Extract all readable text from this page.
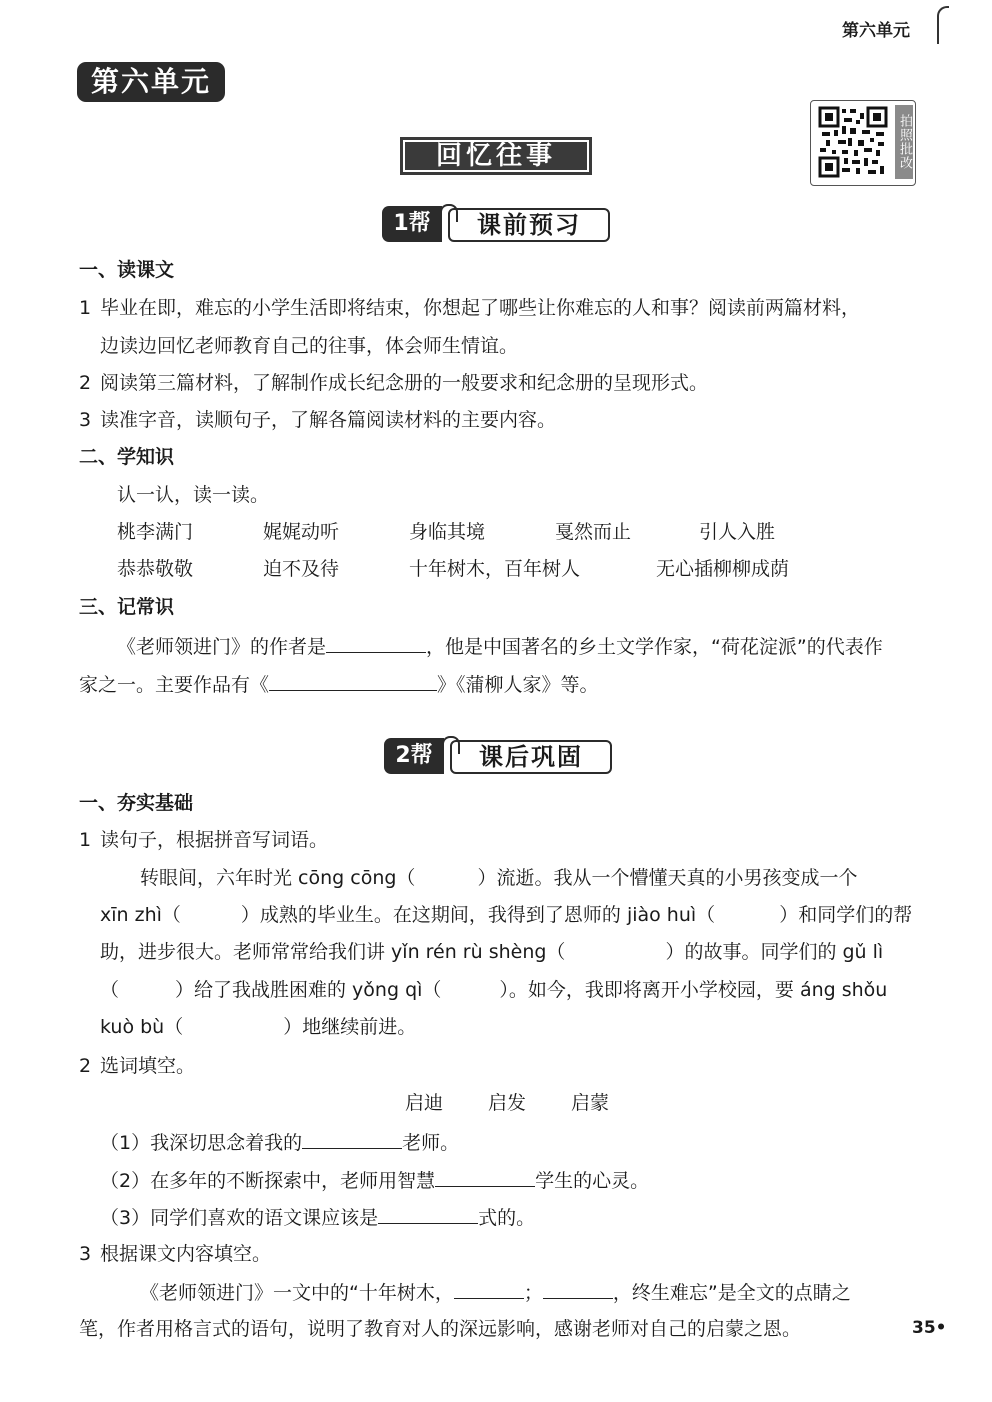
第六单元
第六单元
回忆往事	拍照批改
1帮	课前预习
一、读课文
1 毕业在即，难忘的小学生活即将结束，你想起了哪些让你难忘的人和事？阅读前两篇材料，
边读边回忆老师教育自己的往事，体会师生情谊。
2 阅读第三篇材料，了解制作成长纪念册的一般要求和纪念册的呈现形式。
3 读准字音，读顺句子，了解各篇阅读材料的主要内容。
二、学知识
认一认，读一读。
桃李满门	娓娓动听	身临其境	戛然而止	引人入胜
恭恭敬敬	迫不及待	十年树木，百年树人	无心插柳柳成荫
三、记常识
《老师领进门》的作者是	，他是中国著名的乡土文学作家，“荷花淀派”的代表作
家之一。主要作品有《	》《蒲柳人家》等。
2帮	课后巩固
一、夯实基础
1 读句子，根据拼音写词语。
转眼间，六年时光 cōng cōng（	）流逝。我从一个懵懂天真的小男孩变成一个
xīn zhì（	）成熟的毕业生。在这期间，我得到了恩师的 jiào huì（	）和同学们的帮
助，进步很大。老师常常给我们讲 yǐn rén rù shèng（	）的故事。同学们的 gǔ lì
（	）给了我战胜困难的 yǒng qì（	）。如今，我即将离开小学校园，要 áng shǒu
kuò bù（	）地继续前进。
2 选词填空。
启迪 启发 启蒙
（1）我深切思念着我的	老师。
（2）在多年的不断探索中，老师用智慧	学生的心灵。
（3）同学们喜欢的语文课应该是	式的。
3 根据课文内容填空。
《老师领进门》一文中的“十年树木，	；	，终生难忘”是全文的点睛之
笔，作者用格言式的语句，说明了教育对人的深远影响，感谢老师对自己的启蒙之恩。	35•
